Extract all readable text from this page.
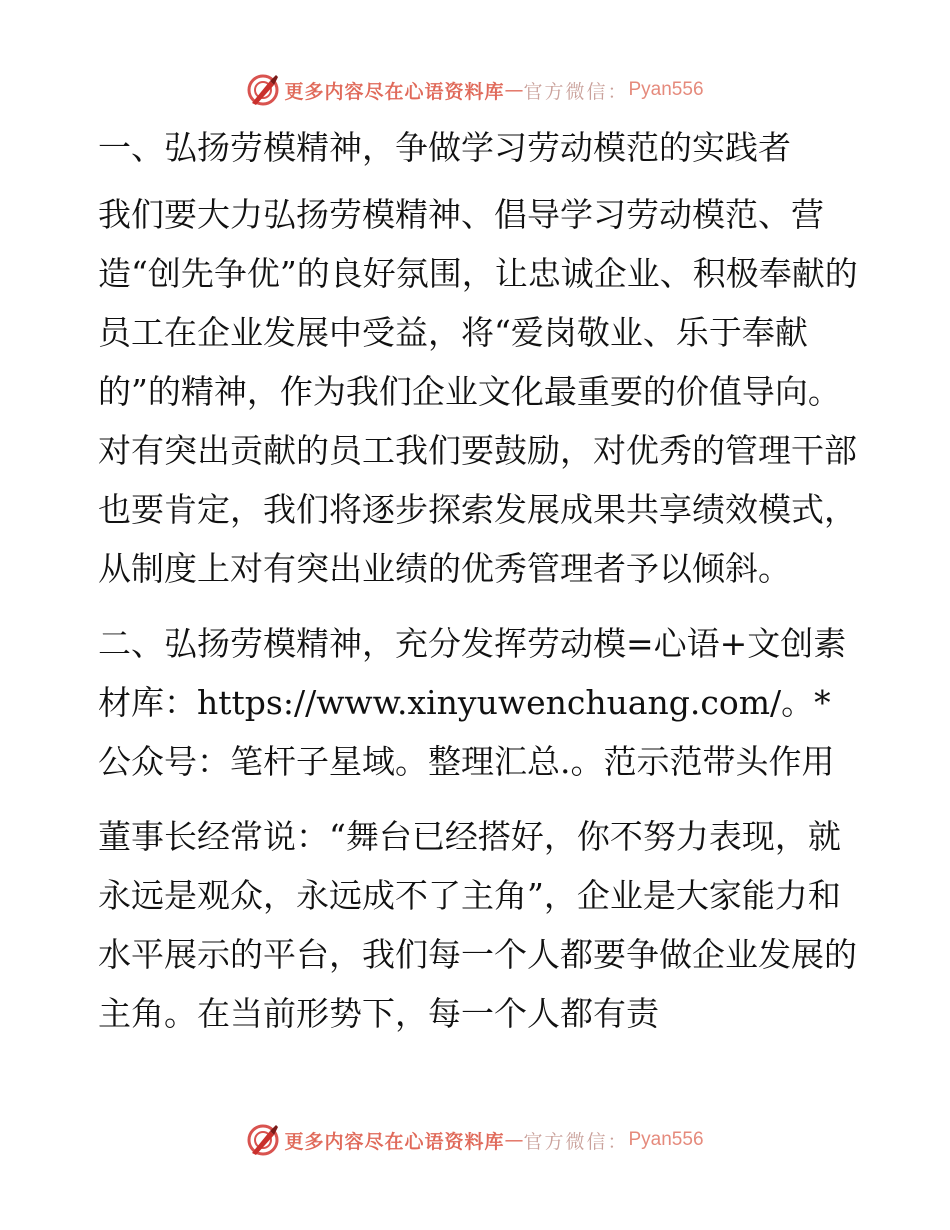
更多内容尽在心语资料库 — 官方微信： Pyan556

一、弘扬劳模精神，争做学习劳动模范的实践者

我们要大力弘扬劳模精神、倡导学习劳动模范、营造“创先争优”的良好氛围，让忠诚企业、积极奉献的员工在企业发展中受益，将“爱岗敬业、乐于奉献的”的精神，作为我们企业文化最重要的价值导向。对有突出贡献的员工我们要鼓励，对优秀的管理干部也要肯定，我们将逐步探索发展成果共享绩效模式，从制度上对有突出业绩的优秀管理者予以倾斜。

二、弘扬劳模精神，充分发挥劳动模=心语+文创素材库：https://www.xinyuwenchuang.com/。*公众号：笔杆子星域。整理汇总.。范示范带头作用

董事长经常说：“舞台已经搭好，你不努力表现，就永远是观众，永远成不了主角”，企业是大家能力和水平展示的平台，我们每一个人都要争做企业发展的主角。在当前形势下，每一个人都有责

更多内容尽在心语资料库 — 官方微信： Pyan556
